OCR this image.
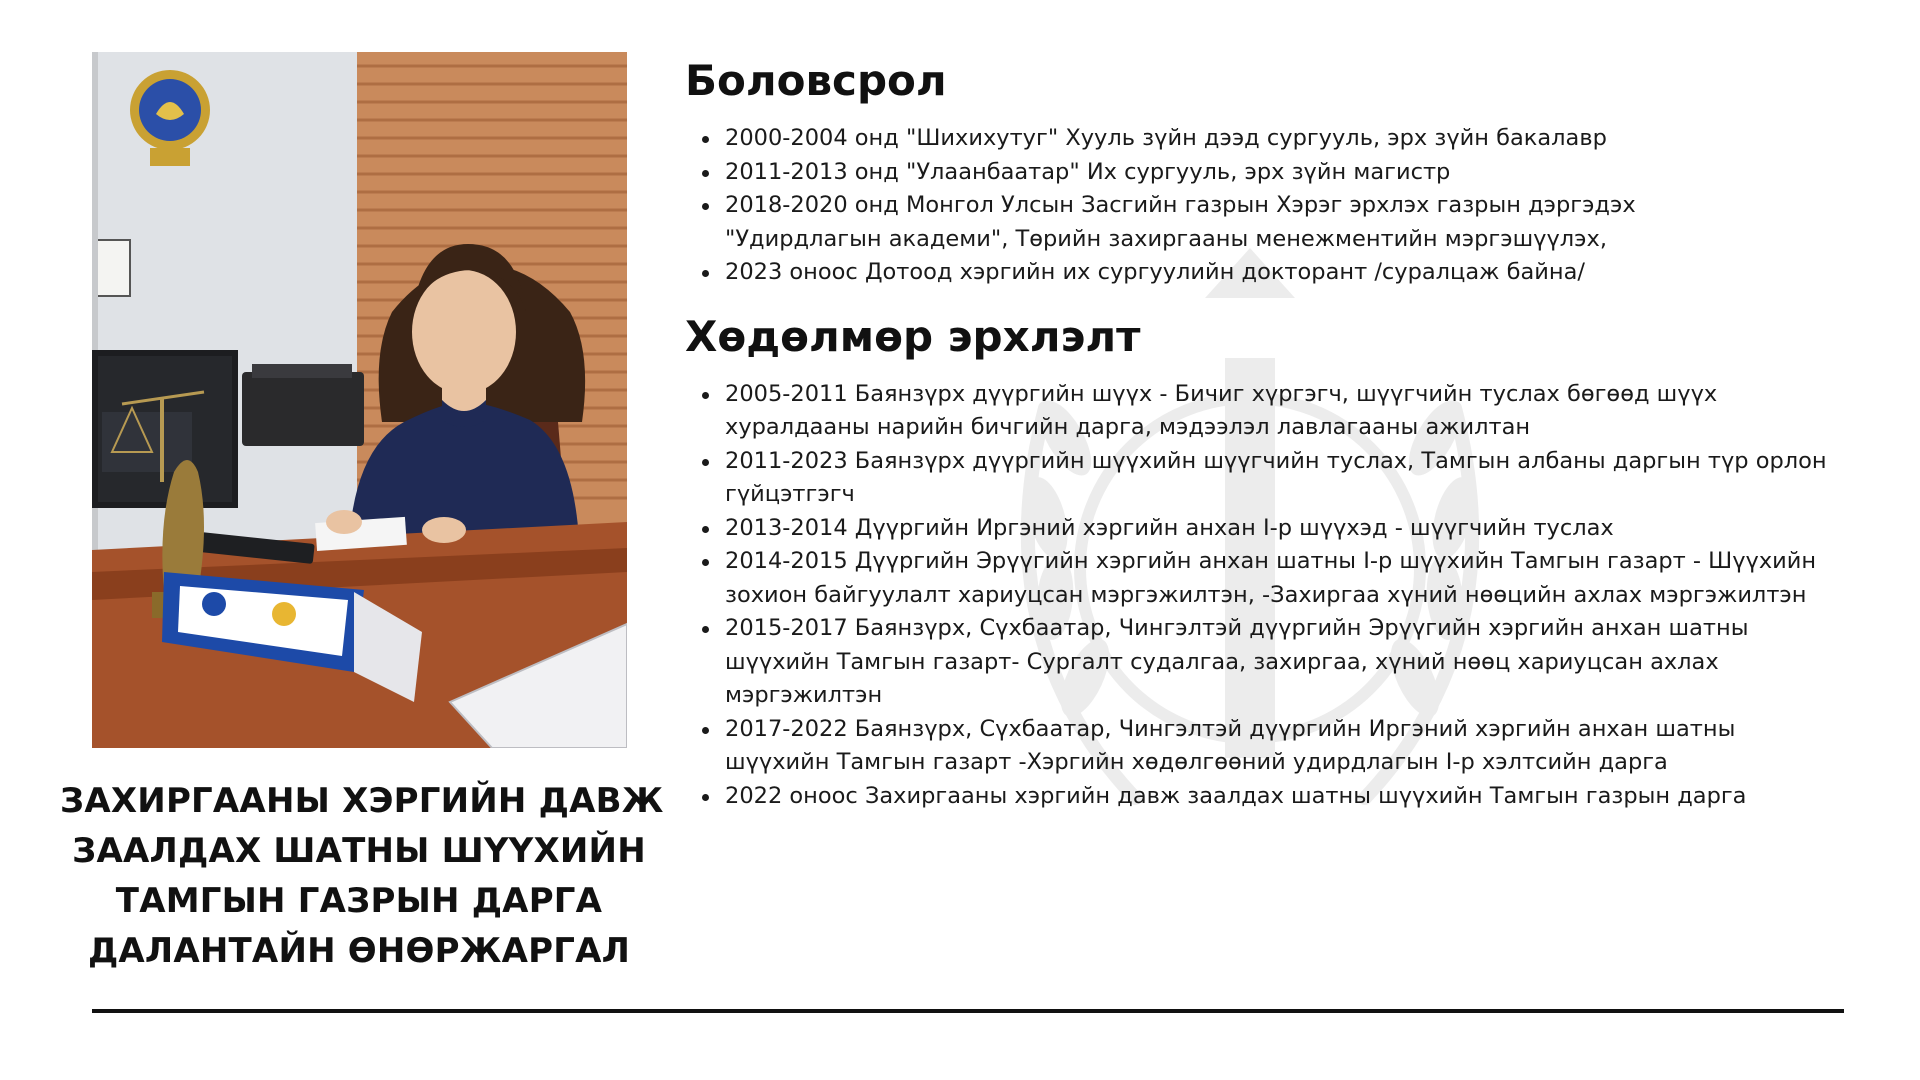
ЗАХИРГААНЫ ХЭРГИЙН ДАВЖ
ЗААЛДАХ ШАТНЫ ШҮҮХИЙН
ТАМГЫН ГАЗРЫН ДАРГА
ДАЛАНТАЙН ӨНӨРЖАРГАЛ
Боловсрол
2000-2004 онд "Шихихутуг" Хууль зүйн дээд сургууль, эрх зүйн бакалавр
2011-2013 онд "Улаанбаатар" Их сургууль, эрх зүйн магистр
2018-2020 онд Монгол Улсын Засгийн газрын Хэрэг эрхлэх газрын дэргэдэх
"Удирдлагын академи", Төрийн захиргааны менежментийн мэргэшүүлэх,
2023 оноос Дотоод хэргийн их сургуулийн докторант /суралцаж байна/
Хөдөлмөр эрхлэлт
2005-2011 Баянзүрх дүүргийн шүүх - Бичиг хүргэгч, шүүгчийн туслах бөгөөд шүүх
хуралдааны нарийн бичгийн дарга, мэдээлэл лавлагааны ажилтан
2011-2023 Баянзүрх дүүргийн шүүхийн шүүгчийн туслах, Тамгын албаны даргын түр орлон
гүйцэтгэгч
2013-2014 Дүүргийн Иргэний хэргийн анхан I-р шүүхэд - шүүгчийн туслах
2014-2015 Дүүргийн Эрүүгийн хэргийн анхан шатны I-р шүүхийн Тамгын газарт - Шүүхийн
зохион байгуулалт хариуцсан мэргэжилтэн, -Захиргаа хүний нөөцийн ахлах мэргэжилтэн
2015-2017 Баянзүрх, Сүхбаатар, Чингэлтэй дүүргийн Эрүүгийн хэргийн анхан шатны
шүүхийн Тамгын газарт- Сургалт судалгаа, захиргаа, хүний нөөц хариуцсан ахлах
мэргэжилтэн
2017-2022 Баянзүрх, Сүхбаатар, Чингэлтэй дүүргийн Иргэний хэргийн анхан шатны
шүүхийн Тамгын газарт -Хэргийн хөдөлгөөний удирдлагын I-р хэлтсийн дарга
2022 оноос Захиргааны хэргийн давж заалдах шатны шүүхийн Тамгын газрын дарга
